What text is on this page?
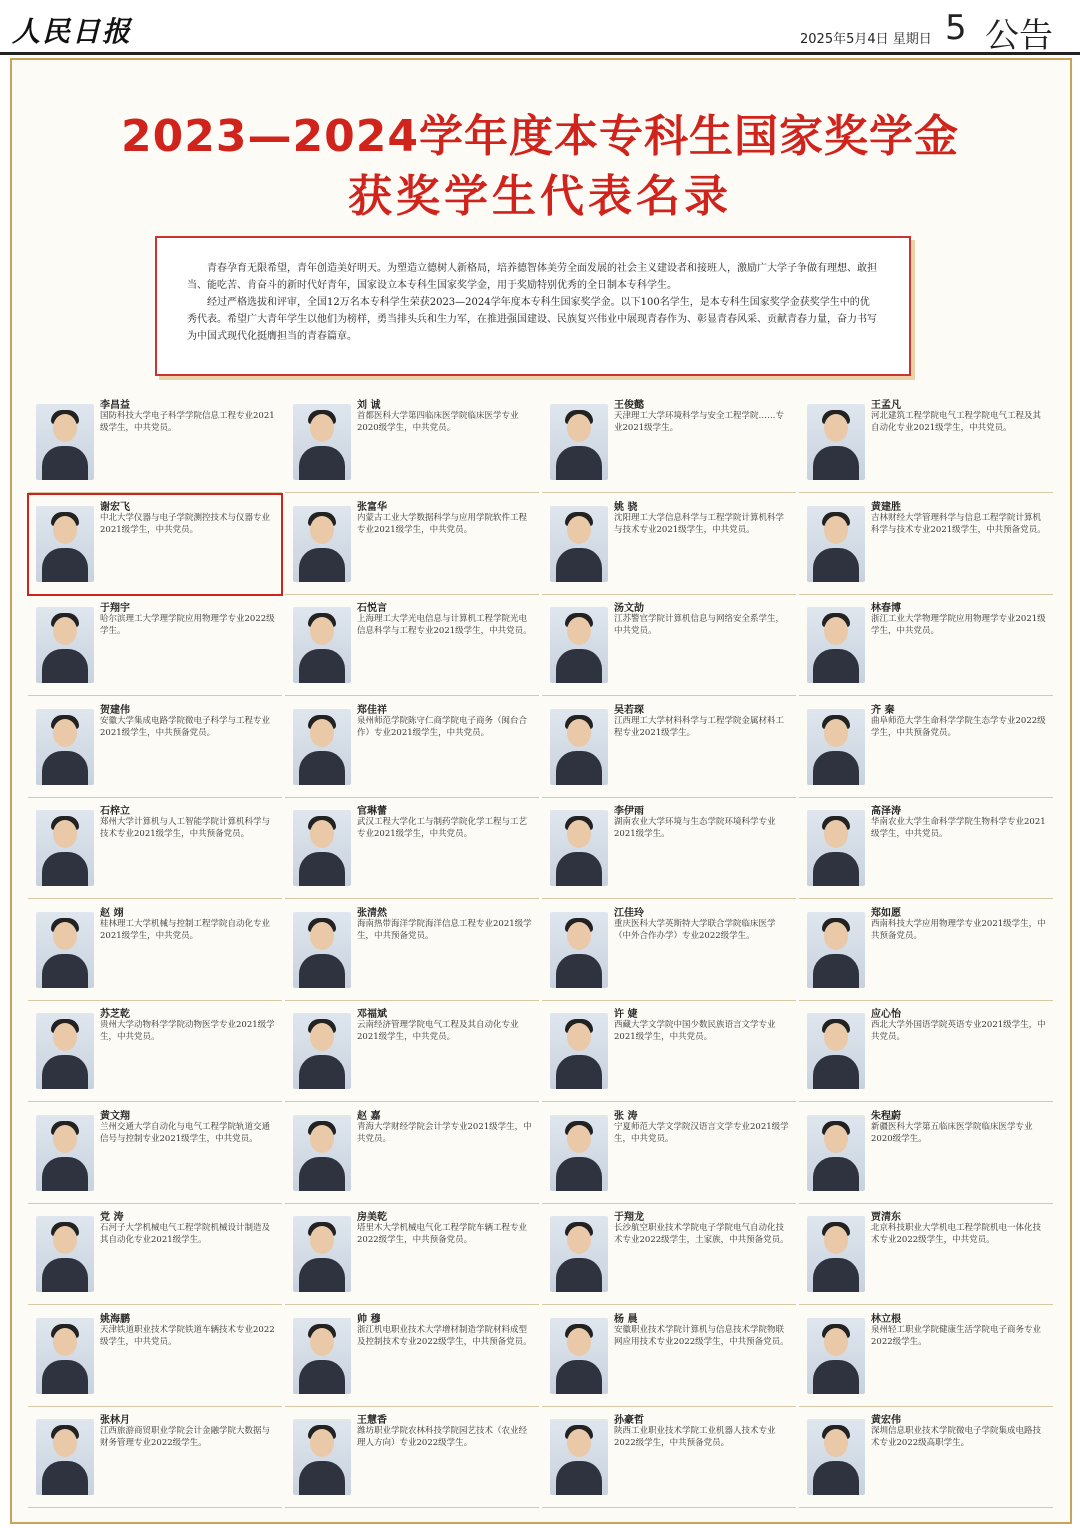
人民日报	2025年5月4日 星期日 5 公告
2023—2024学年度本专科生国家奖学金
获奖学生代表名录

青春孕育无限希望，青年创造美好明天。为塑造立德树人新格局，培养德智体美劳全面发展的社会主义建设者和接班人，激励广大学子争做有理想、敢担当、能吃苦、肯奋斗的新时代好青年，国家设立本专科生国家奖学金，用于奖励特别优秀的全日制本专科学生。

经过严格选拔和评审，全国12万名本专科学生荣获2023—2024学年度本专科生国家奖学金。以下100名学生，是本专科生国家奖学金获奖学生中的优秀代表。希望广大青年学生以他们为榜样，勇当排头兵和生力军，在推进强国建设、民族复兴伟业中展现青春作为、彰显青春风采、贡献青春力量，奋力书写为中国式现代化挺膺担当的青春篇章。

李昌益
国防科技大学电子科学学院信息工程专业2021级学生，中共党员。
刘 诚
首都医科大学第四临床医学院临床医学专业2020级学生，中共党员。
王俊懿
天津理工大学环境科学与安全工程学院……专业2021级学生。
王孟凡
河北建筑工程学院电气工程学院电气工程及其自动化专业2021级学生，中共党员。
谢宏飞
中北大学仪器与电子学院测控技术与仪器专业2021级学生，中共党员。
张富华
内蒙古工业大学数据科学与应用学院软件工程专业2021级学生，中共党员。
姚 骁
沈阳理工大学信息科学与工程学院计算机科学与技术专业2021级学生，中共党员。
黄建胜
吉林财经大学管理科学与信息工程学院计算机科学与技术专业2021级学生，中共预备党员。
于翔宇
哈尔滨理工大学理学院应用物理学专业2022级学生。
石悦言
上海理工大学光电信息与计算机工程学院光电信息科学与工程专业2021级学生，中共党员。
汤文劼
江苏警官学院计算机信息与网络安全系学生，中共党员。
林春博
浙江工业大学物理学院应用物理学专业2021级学生，中共党员。
贺建伟
安徽大学集成电路学院微电子科学与工程专业2021级学生，中共预备党员。
郑佳祥
泉州师范学院陈守仁商学院电子商务（闽台合作）专业2021级学生，中共党员。
吴若琛
江西理工大学材料科学与工程学院金属材料工程专业2021级学生。
齐 秦
曲阜师范大学生命科学学院生态学专业2022级学生，中共预备党员。
石梓立
郑州大学计算机与人工智能学院计算机科学与技术专业2021级学生，中共预备党员。
官琳蕾
武汉工程大学化工与制药学院化学工程与工艺专业2021级学生，中共党员。
李伊雨
湖南农业大学环境与生态学院环境科学专业2021级学生。
高泽涛
华南农业大学生命科学学院生物科学专业2021级学生，中共党员。
赵 翊
桂林理工大学机械与控制工程学院自动化专业2021级学生，中共党员。
张清然
海南热带海洋学院海洋信息工程专业2021级学生，中共预备党员。
江佳玲
重庆医科大学英斯特大学联合学院临床医学（中外合作办学）专业2022级学生。
郑如愿
西南科技大学应用物理学专业2021级学生，中共预备党员。
苏芝乾
贵州大学动物科学学院动物医学专业2021级学生，中共党员。
邓福斌
云南经济管理学院电气工程及其自动化专业2021级学生，中共党员。
许 婕
西藏大学文学院中国少数民族语言文学专业2021级学生，中共党员。
应心怡
西北大学外国语学院英语专业2021级学生，中共党员。
黄文翔
兰州交通大学自动化与电气工程学院轨道交通信号与控制专业2021级学生，中共党员。
赵 嘉
青海大学财经学院会计学专业2021级学生，中共党员。
张 涛
宁夏师范大学文学院汉语言文学专业2021级学生，中共党员。
朱程蔚
新疆医科大学第五临床医学院临床医学专业2020级学生。
党 涛
石河子大学机械电气工程学院机械设计制造及其自动化专业2021级学生。
房美乾
塔里木大学机械电气化工程学院车辆工程专业2022级学生，中共预备党员。
于翔龙
长沙航空职业技术学院电子学院电气自动化技术专业2022级学生，土家族，中共预备党员。
贾清东
北京科技职业大学机电工程学院机电一体化技术专业2022级学生，中共党员。
姚海鹏
天津铁道职业技术学院铁道车辆技术专业2022级学生，中共党员。
帅 穆
浙江机电职业技术大学增材制造学院材料成型及控制技术专业2022级学生，中共预备党员。
杨 晨
安徽职业技术学院计算机与信息技术学院物联网应用技术专业2022级学生，中共预备党员。
林立根
泉州轻工职业学院健康生活学院电子商务专业2022级学生。
张林月
江西旅游商贸职业学院会计金融学院大数据与财务管理专业2022级学生。
王慧香
潍坊职业学院农林科技学院园艺技术（农业经理人方向）专业2022级学生。
孙豪哲
陕西工业职业技术学院工业机器人技术专业2022级学生，中共预备党员。
黄宏伟
深圳信息职业技术学院微电子学院集成电路技术专业2022级高职学生。
